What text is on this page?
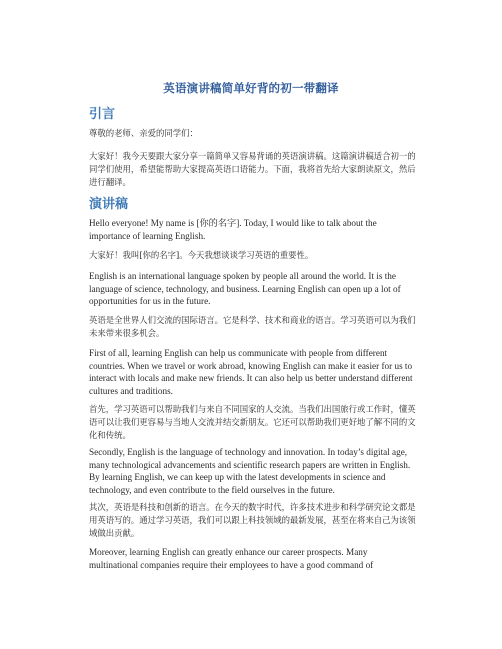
英语演讲稿简单好背的初一带翻译
引言
尊敬的老师、亲爱的同学们：
大家好！我今天要跟大家分享一篇简单又容易背诵的英语演讲稿。这篇演讲稿适合初一的同学们使用，希望能帮助大家提高英语口语能力。下面，我将首先给大家朗读原文，然后进行翻译。
演讲稿
Hello everyone! My name is [你的名字]. Today, I would like to talk about the importance of learning English.
大家好！我叫[你的名字]。今天我想谈谈学习英语的重要性。
English is an international language spoken by people all around the world. It is the language of science, technology, and business. Learning English can open up a lot of opportunities for us in the future.
英语是全世界人们交流的国际语言。它是科学、技术和商业的语言。学习英语可以为我们未来带来很多机会。
First of all, learning English can help us communicate with people from different countries. When we travel or work abroad, knowing English can make it easier for us to interact with locals and make new friends. It can also help us better understand different cultures and traditions.
首先，学习英语可以帮助我们与来自不同国家的人交流。当我们出国旅行或工作时，懂英语可以让我们更容易与当地人交流并结交新朋友。它还可以帮助我们更好地了解不同的文化和传统。
Secondly, English is the language of technology and innovation. In today’s digital age, many technological advancements and scientific research papers are written in English. By learning English, we can keep up with the latest developments in science and technology, and even contribute to the field ourselves in the future.
其次，英语是科技和创新的语言。在今天的数字时代，许多技术进步和科学研究论文都是用英语写的。通过学习英语，我们可以跟上科技领域的最新发展，甚至在将来自己为该领域做出贡献。
Moreover, learning English can greatly enhance our career prospects. Many multinational companies require their employees to have a good command of
